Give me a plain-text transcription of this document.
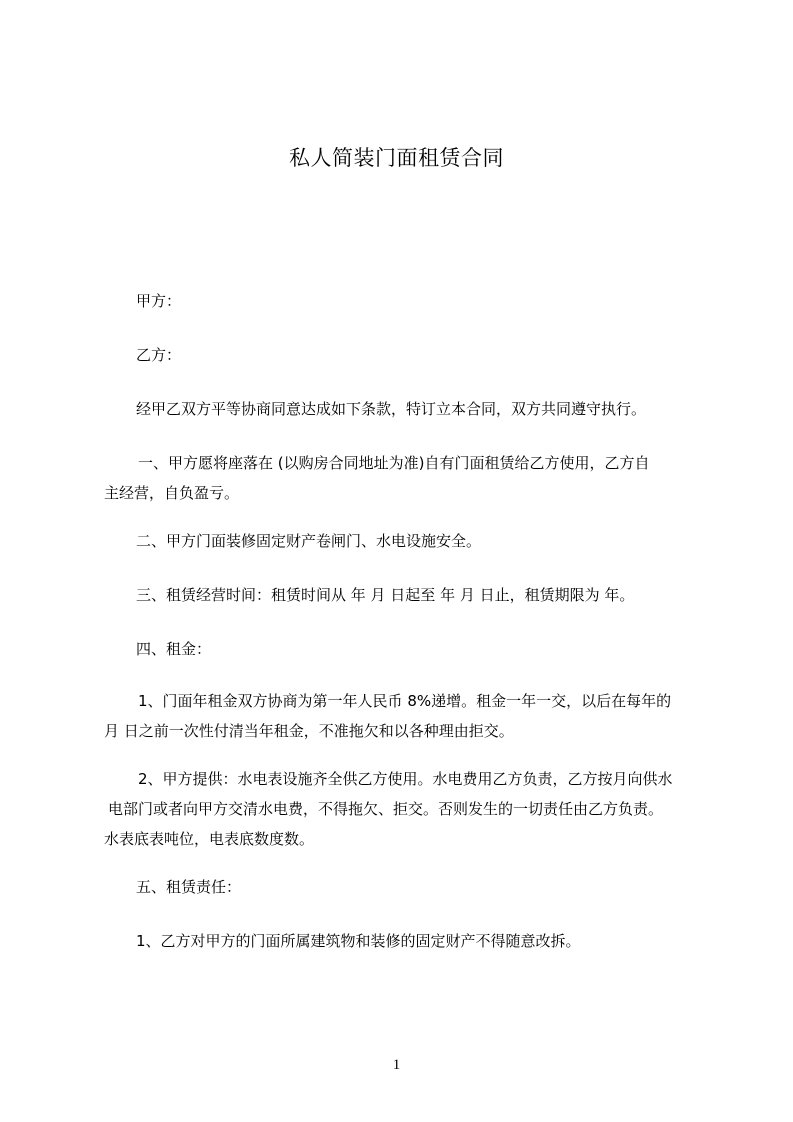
私人简装门面租赁合同
甲方：
乙方：
经甲乙双方平等协商同意达成如下条款，特订立本合同，双方共同遵守执行。
一、甲方愿将座落在 (以购房合同地址为准)自有门面租赁给乙方使用，乙方自
主经营，自负盈亏。
二、甲方门面装修固定财产卷闸门、水电设施安全。
三、租赁经营时间：租赁时间从 年 月 日起至 年 月 日止，租赁期限为 年。
四、租金：
1、门面年租金双方协商为第一年人民币 8%递增。租金一年一交，以后在每年的
月 日之前一次性付清当年租金，不准拖欠和以各种理由拒交。
2、甲方提供：水电表设施齐全供乙方使用。水电费用乙方负责，乙方按月向供水
电部门或者向甲方交清水电费，不得拖欠、拒交。否则发生的一切责任由乙方负责。
水表底表吨位，电表底数度数。
五、租赁责任：
1、乙方对甲方的门面所属建筑物和装修的固定财产不得随意改拆。
1
